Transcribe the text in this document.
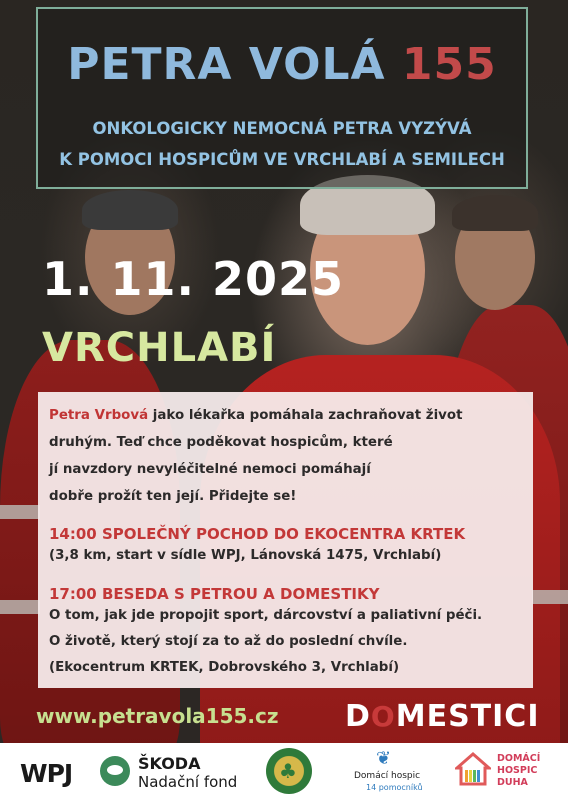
PETRA VOLÁ 155
ONKOLOGICKY NEMOCNÁ PETRA VYZÝVÁ
K POMOCI HOSPICŮM VE VRCHLABÍ A SEMILECH
1. 11. 2025
VRCHLABÍ
Petra Vrbová jako lékařka pomáhala zachraňovat život
druhým. Teď chce poděkovat hospicům, které
jí navzdory nevyléčitelné nemoci pomáhají
dobře prožít ten její. Přidejte se!
14:00 SPOLEČNÝ POCHOD DO EKOCENTRA KRTEK
(3,8 km, start v sídle WPJ, Lánovská 1475, Vrchlabí)
17:00 BESEDA S PETROU A DOMESTIKY
O tom, jak jde propojit sport, dárcovství a paliativní péči.
O životě, který stojí za to až do poslední chvíle.
(Ekocentrum KRTEK, Dobrovského 3, Vrchlabí)
www.petravola155.cz DOMESTICI
WPJ	ŠKODA
Nadační fond ♣
❦
Domácí hospic
14 pomocníků
DOMÁCÍ
HOSPIC
DUHA
